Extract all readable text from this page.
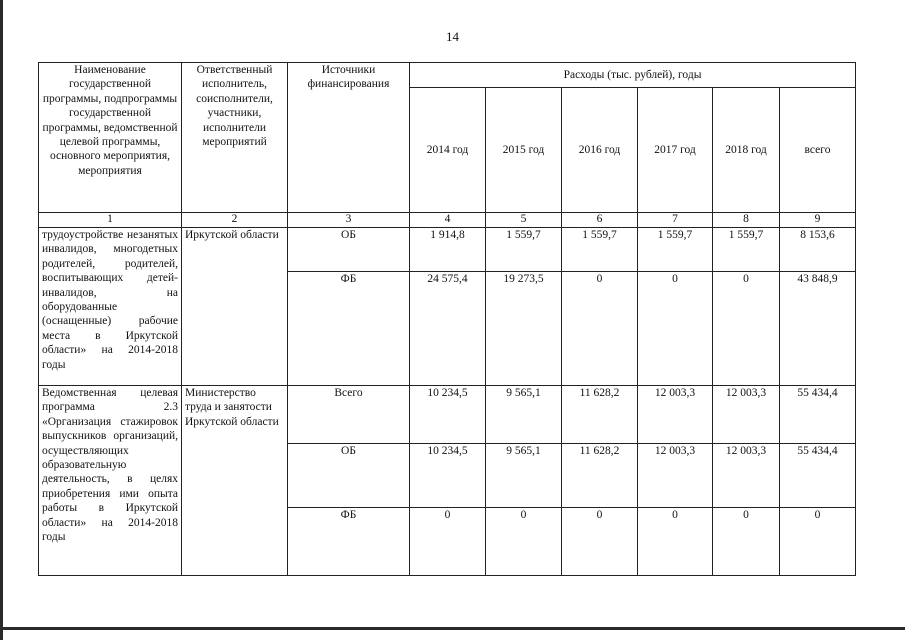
14
Наименование государственной программы, подпрограммы государственной программы, ведомственной целевой программы, основного мероприятия, мероприятия	Ответственный исполнитель, соисполнители, участники, исполнители мероприятий	Источники финансирования	Расходы (тыс. рублей), годы					
			2014 год	2015 год	2016 год	2017 год	2018 год	всего
1	2	3	4	5	6	7	8	9
трудоустройстве незанятых инвалидов, многодетных родителей, родителей, воспитывающих детей-инвалидов, на оборудованные (оснащенные) рабочие места в Иркутской области» на 2014-2018 годы	Иркутской области	ОБ	1 914,8	1 559,7	1 559,7	1 559,7	1 559,7	8 153,6
		ФБ	24 575,4	19 273,5	0	0	0	43 848,9
Ведомственная целевая программа 2.3 «Организация стажировок выпускников организаций, осуществляющих образовательную деятельность, в целях приобретения ими опыта работы в Иркутской области» на 2014-2018 годы	Министерство труда и занятости Иркутской области	Всего	10 234,5	9 565,1	11 628,2	12 003,3	12 003,3	55 434,4
		ОБ	10 234,5	9 565,1	11 628,2	12 003,3	12 003,3	55 434,4
		ФБ	0	0	0	0	0	0
